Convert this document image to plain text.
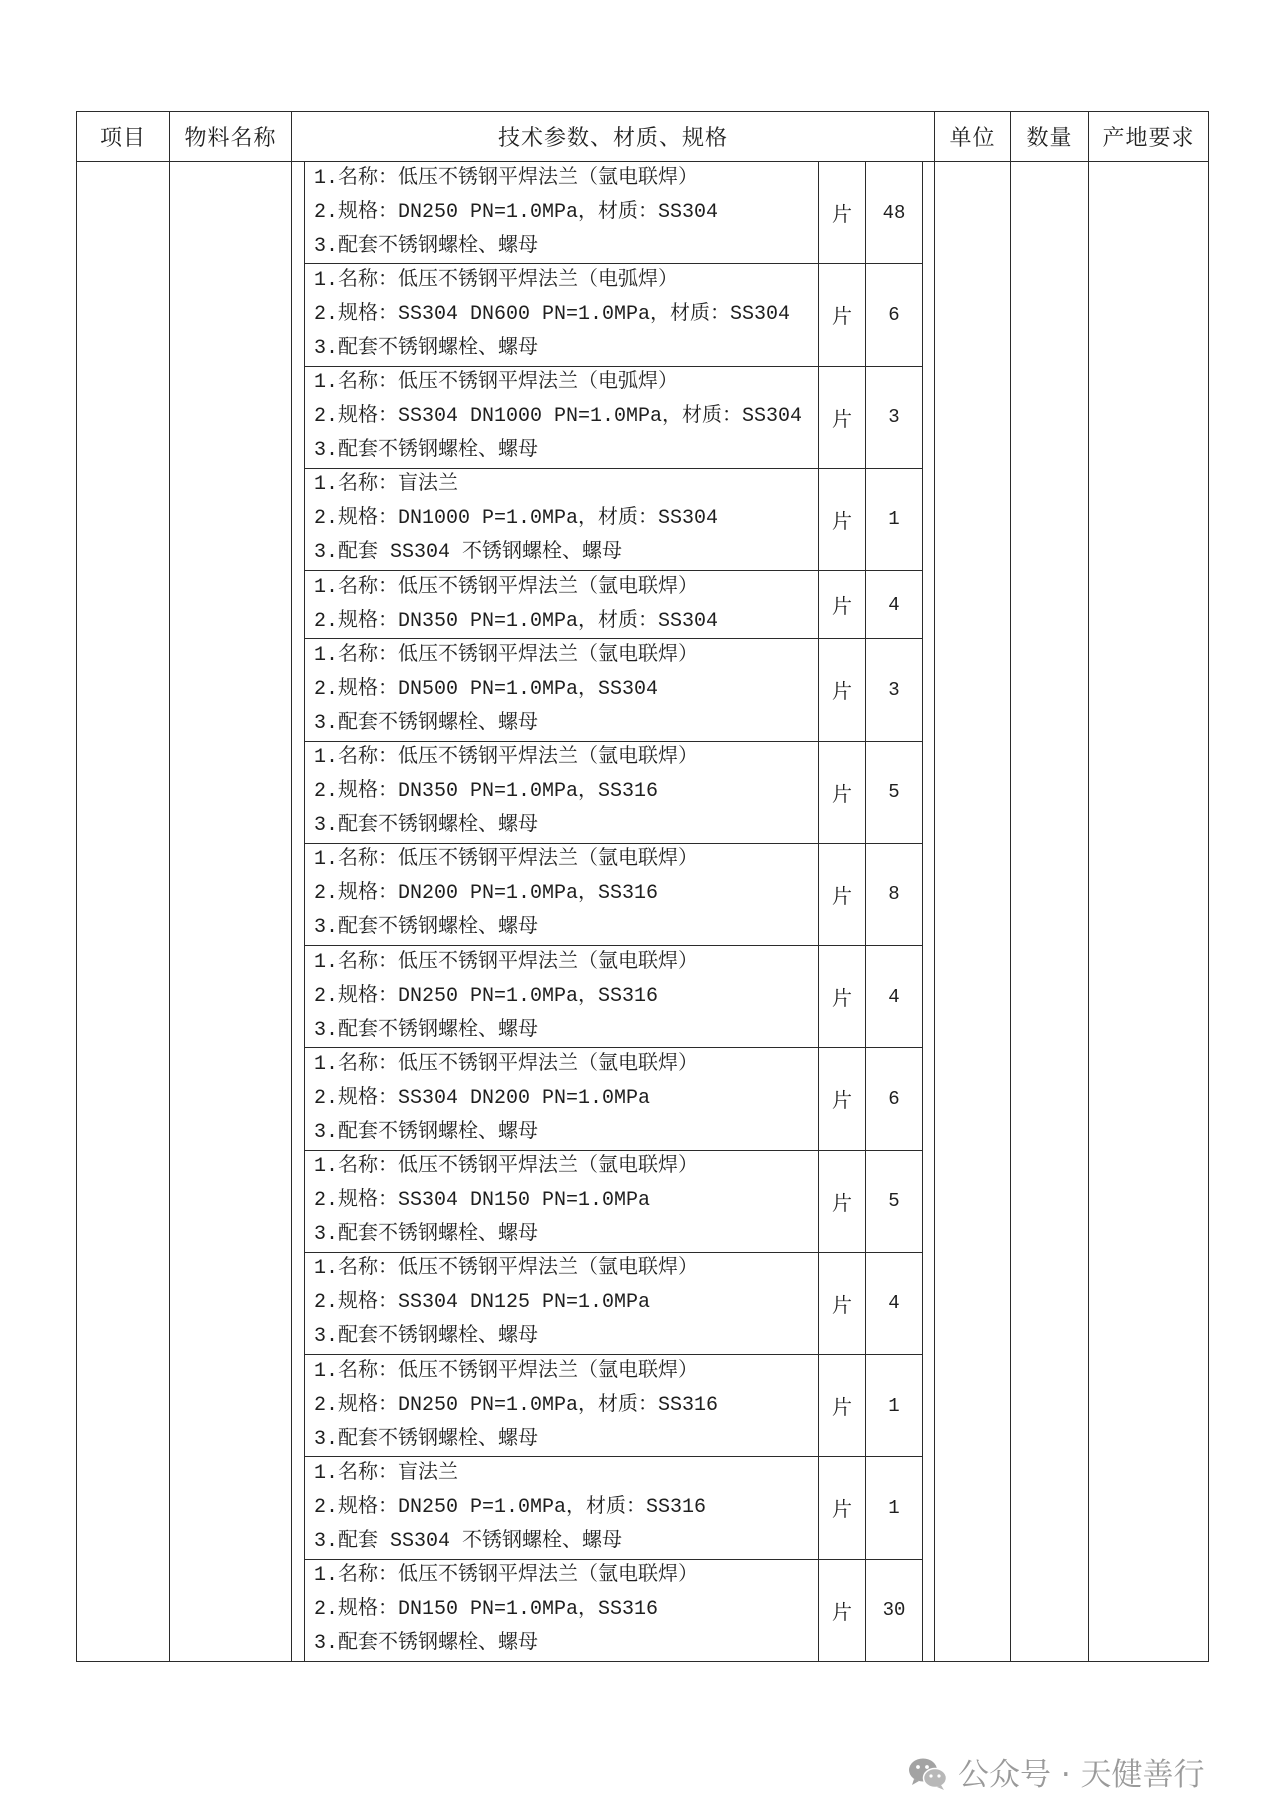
项目	物料名称	技术参数、材质、规格	单位	数量	产地要求
1.名称：低压不锈钢平焊法兰（氩电联焊）
2.规格：DN250 PN=1.0MPa，材质：SS304
3.配套不锈钢螺栓、螺母
片	48
1.名称：低压不锈钢平焊法兰（电弧焊）
2.规格：SS304 DN600 PN=1.0MPa，材质：SS304
3.配套不锈钢螺栓、螺母
片	6
1.名称：低压不锈钢平焊法兰（电弧焊）
2.规格：SS304 DN1000 PN=1.0MPa，材质：SS304
3.配套不锈钢螺栓、螺母
片	3
1.名称：盲法兰
2.规格：DN1000 P=1.0MPa，材质：SS304
3.配套 SS304 不锈钢螺栓、螺母
片	1
1.名称：低压不锈钢平焊法兰（氩电联焊）
2.规格：DN350 PN=1.0MPa，材质：SS304
片	4
1.名称：低压不锈钢平焊法兰（氩电联焊）
2.规格：DN500 PN=1.0MPa，SS304
3.配套不锈钢螺栓、螺母
片	3
1.名称：低压不锈钢平焊法兰（氩电联焊）
2.规格：DN350 PN=1.0MPa，SS316
3.配套不锈钢螺栓、螺母
片	5
1.名称：低压不锈钢平焊法兰（氩电联焊）
2.规格：DN200 PN=1.0MPa，SS316
3.配套不锈钢螺栓、螺母
片	8
1.名称：低压不锈钢平焊法兰（氩电联焊）
2.规格：DN250 PN=1.0MPa，SS316
3.配套不锈钢螺栓、螺母
片	4
1.名称：低压不锈钢平焊法兰（氩电联焊）
2.规格：SS304 DN200 PN=1.0MPa
3.配套不锈钢螺栓、螺母
片	6
1.名称：低压不锈钢平焊法兰（氩电联焊）
2.规格：SS304 DN150 PN=1.0MPa
3.配套不锈钢螺栓、螺母
片	5
1.名称：低压不锈钢平焊法兰（氩电联焊）
2.规格：SS304 DN125 PN=1.0MPa
3.配套不锈钢螺栓、螺母
片	4
1.名称：低压不锈钢平焊法兰（氩电联焊）
2.规格：DN250 PN=1.0MPa，材质：SS316
3.配套不锈钢螺栓、螺母
片	1
1.名称：盲法兰
2.规格：DN250 P=1.0MPa，材质：SS316
3.配套 SS304 不锈钢螺栓、螺母
片	1
1.名称：低压不锈钢平焊法兰（氩电联焊）
2.规格：DN150 PN=1.0MPa，SS316
3.配套不锈钢螺栓、螺母
片	30
公众号 · 天健善行
